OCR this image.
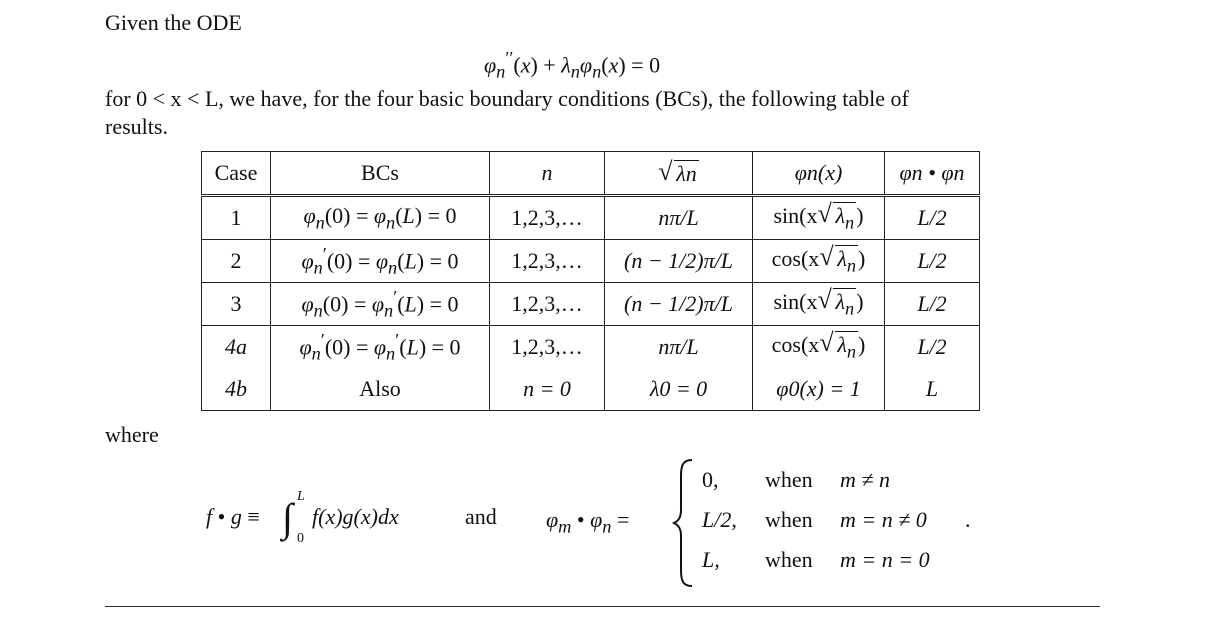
Given the ODE
$\varphi_n''(x) + \lambda_n\varphi_n(x) = 0$
for 0 < x < L, we have, for the four basic boundary conditions (BCs), the following table of
results.
Case	BCs	n	√ λn	φn(x)	φn • φn
1	$\varphi_n(0) = \varphi_n(L) = 0$	1,2,3,…	nπ/L	sin(x √ $\lambda_n$)	L/2
2	$\varphi_n'(0) = \varphi_n(L) = 0$	1,2,3,…	(n − 1/2)π/L	cos(x √ $\lambda_n$)	L/2
3	$\varphi_n(0) = \varphi_n'(L) = 0$	1,2,3,…	(n − 1/2)π/L	sin(x √ $\lambda_n$)	L/2
4a	$\varphi_n'(0) = \varphi_n'(L) = 0$	1,2,3,…	nπ/L	cos(x √ $\lambda_n$)	L/2
4b	Also	n = 0	λ0 = 0	φ0(x) = 1	L
where
f • g ≡ ∫ L
0
f(x)g(x)dx	and $\varphi_m$ • $\varphi_n$ =
0, when m ≠ n
L/2, when m = n ≠ 0
L, when m = n = 0
.
